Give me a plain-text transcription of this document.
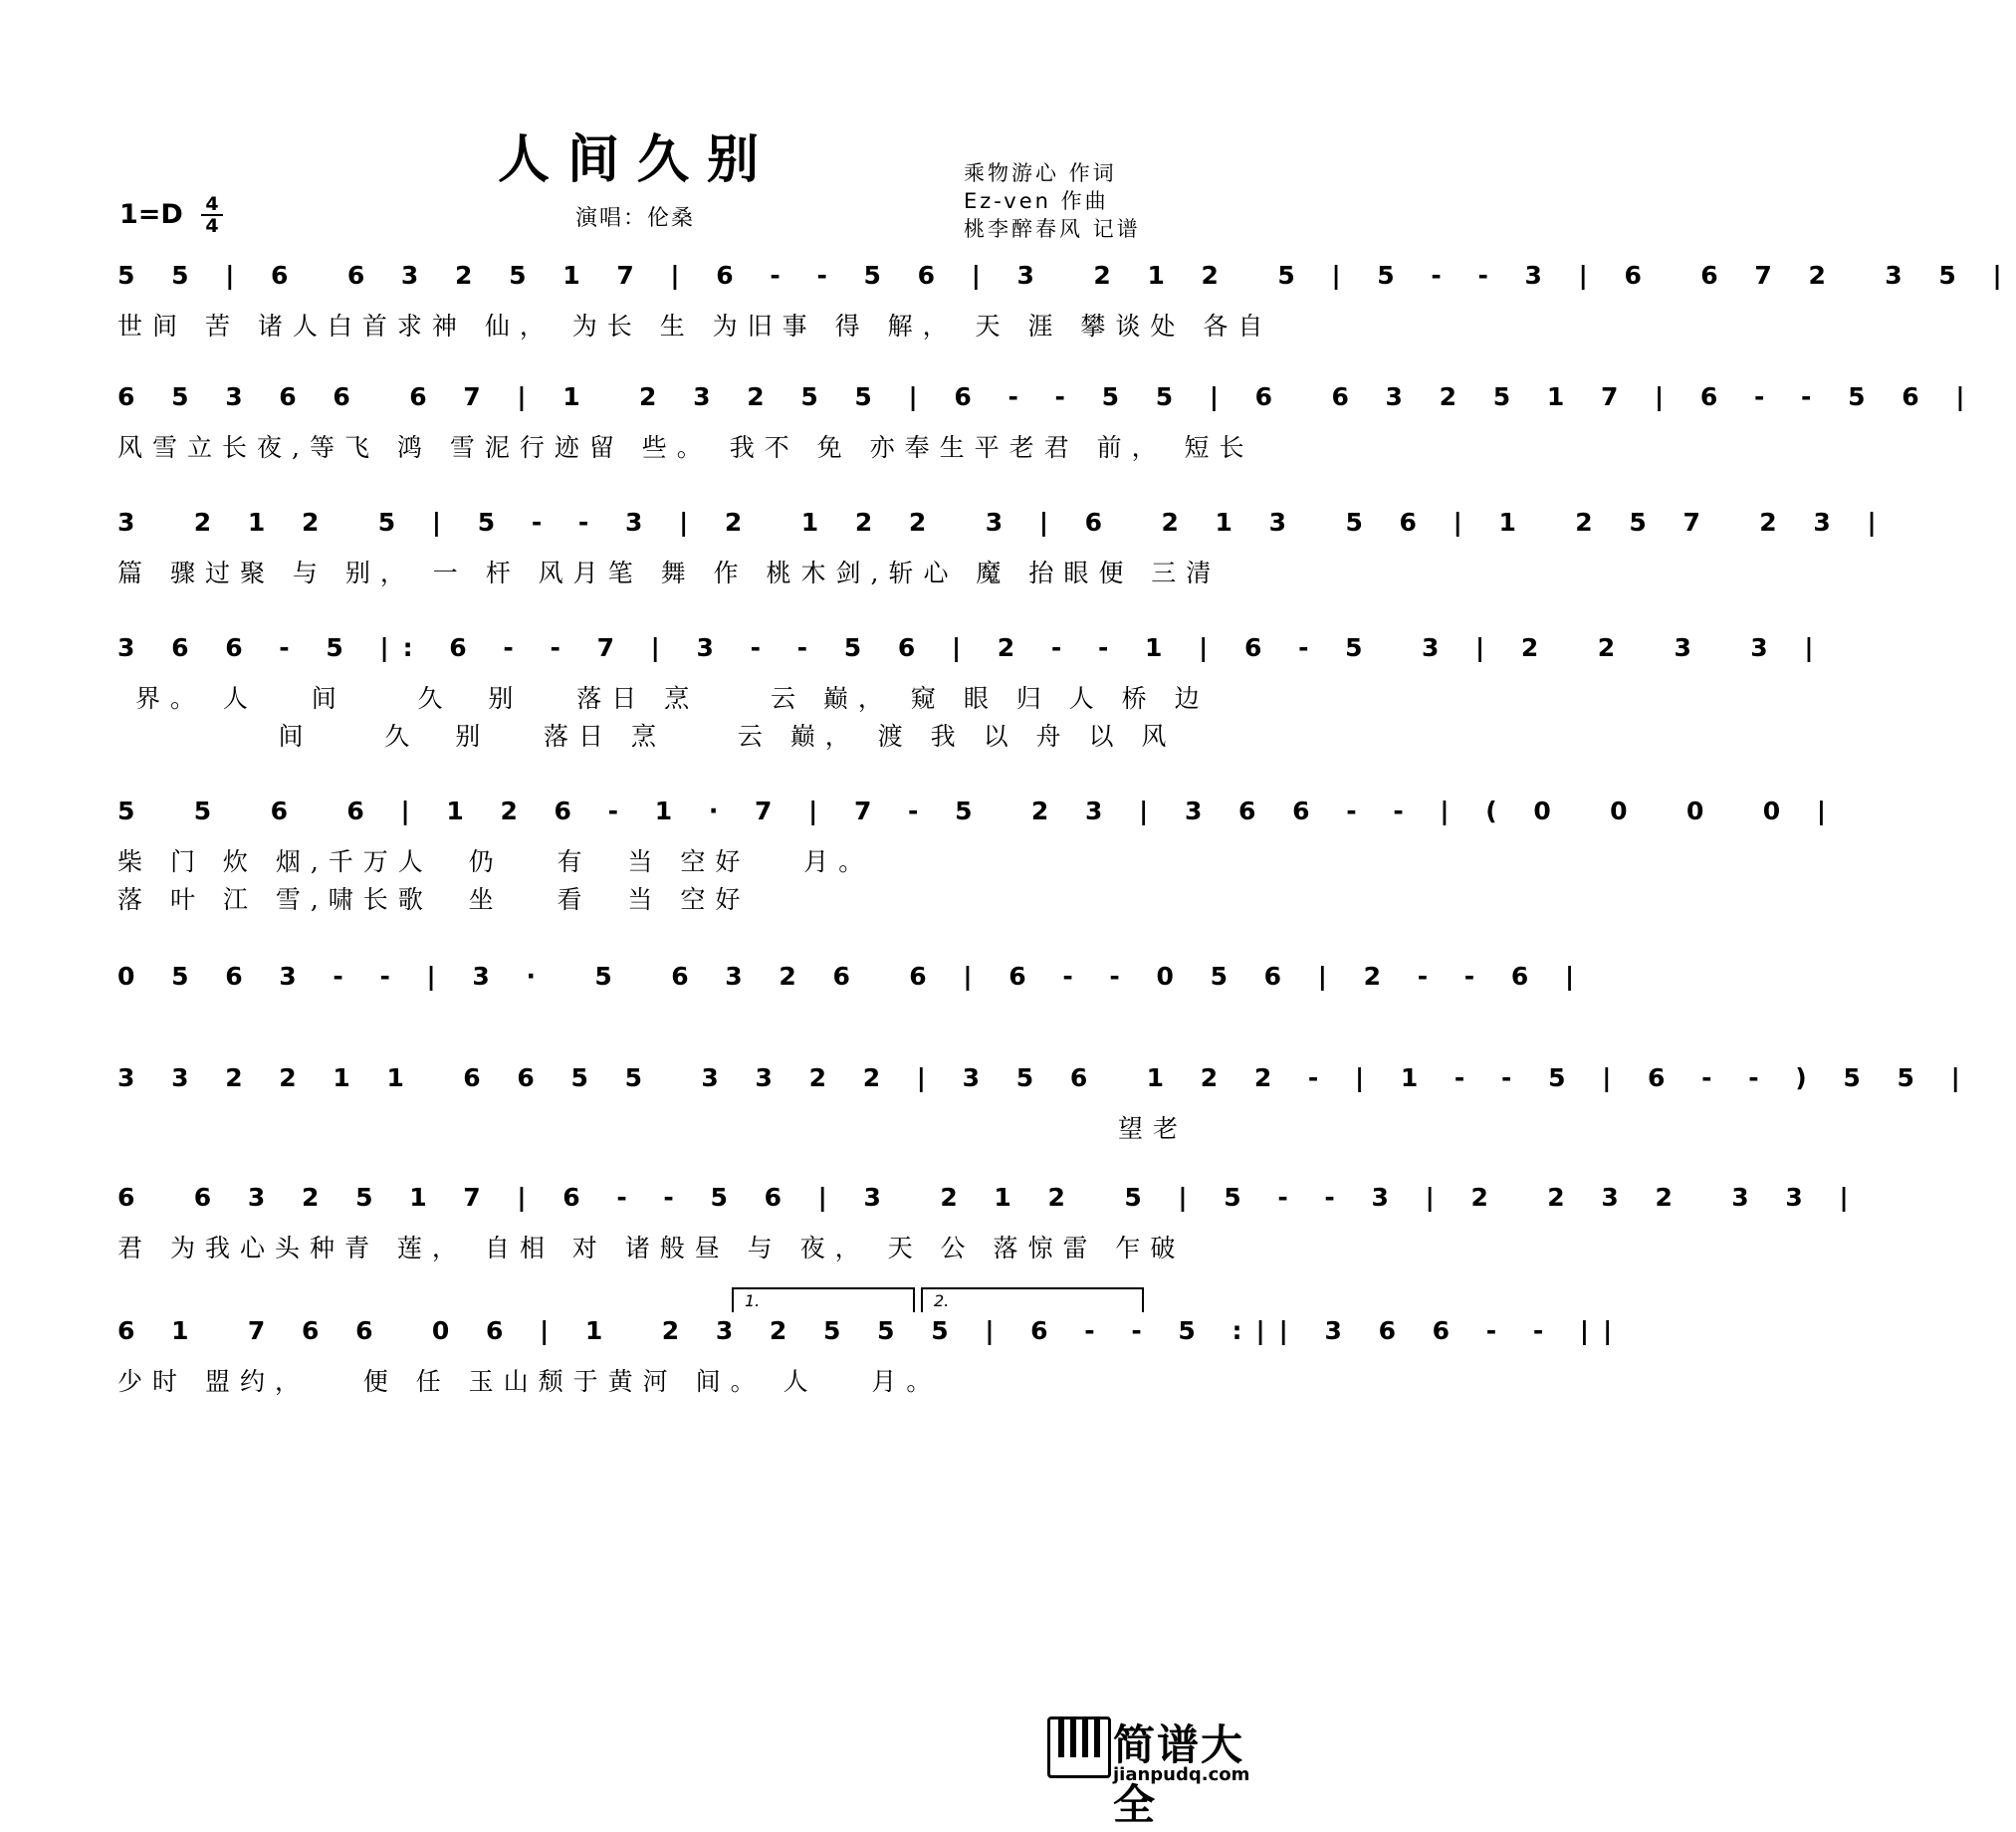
人间久别	乘物游心 作词
Ez-ven 作曲
桃李醉春风 记谱
1=D 4
4	演唱：伦桑
5 5 | 6  6 3 2 5 1 7 | 6 - - 5 6 | 3  2 1 2  5 | 5 - - 3 | 6  6 7 2  3 5 |
世间 苦 诸人白首求神 仙， 为长 生 为旧事 得 解， 天 涯 攀谈处 各自
6 5 3 6 6  6 7 | 1  2 3 2 5 5 | 6 - - 5 5 | 6  6 3 2 5 1 7 | 6 - - 5 6 |
风雪立长夜,等飞 鸿 雪泥行迹留 些。 我不 免 亦奉生平老君 前， 短长
3  2 1 2  5 | 5 - - 3 | 2  1 2 2  3 | 6  2 1 3  5 6 | 1  2 5 7  2 3 |
篇 骤过聚 与 别， 一 杆 风月笔 舞 作 桃木剑,斩心 魔 抬眼便 三清
3 6 6 - 5 |: 6 - - 7 | 3 - - 5 6 | 2 - - 1 | 6 - 5  3 | 2  2  3  3 |
界。 人   间    久  别   落日 烹    云 巅， 窥 眼 归 人 桥 边
间    久  别   落日 烹    云 巅， 渡 我 以 舟 以 风
5  5  6  6 | 1 2 6 - 1 · 7 | 7 - 5  2 3 | 3 6 6 - - | ( 0  0  0  0 |
柴 门 炊 烟,千万人  仍   有  当 空好   月。
落 叶 江 雪,啸长歌  坐   看  当 空好
0 5 6 3 - - | 3 ·  5  6 3 2 6  6 | 6 - - 0 5 6 | 2 - - 6 |
3 3 2 2 1 1  6 6 5 5  3 3 2 2 | 3 5 6  1 2 2 - | 1 - - 5 | 6 - - ) 5 5 |
望老
6  6 3 2 5 1 7 | 6 - - 5 6 | 3  2 1 2  5 | 5 - - 3 | 2  2 3 2  3 3 |
君 为我心头种青 莲， 自相 对 诸般昼 与 夜， 天 公 落惊雷 乍破
1.	2.
6 1  7 6 6  0 6 | 1  2 3 2 5 5 5 | 6 - - 5 :|| 3 6 6 - - ||
少时 盟约，   便 任 玉山颓于黄河 间。 人   月。
简谱大全
jianpudq.com
